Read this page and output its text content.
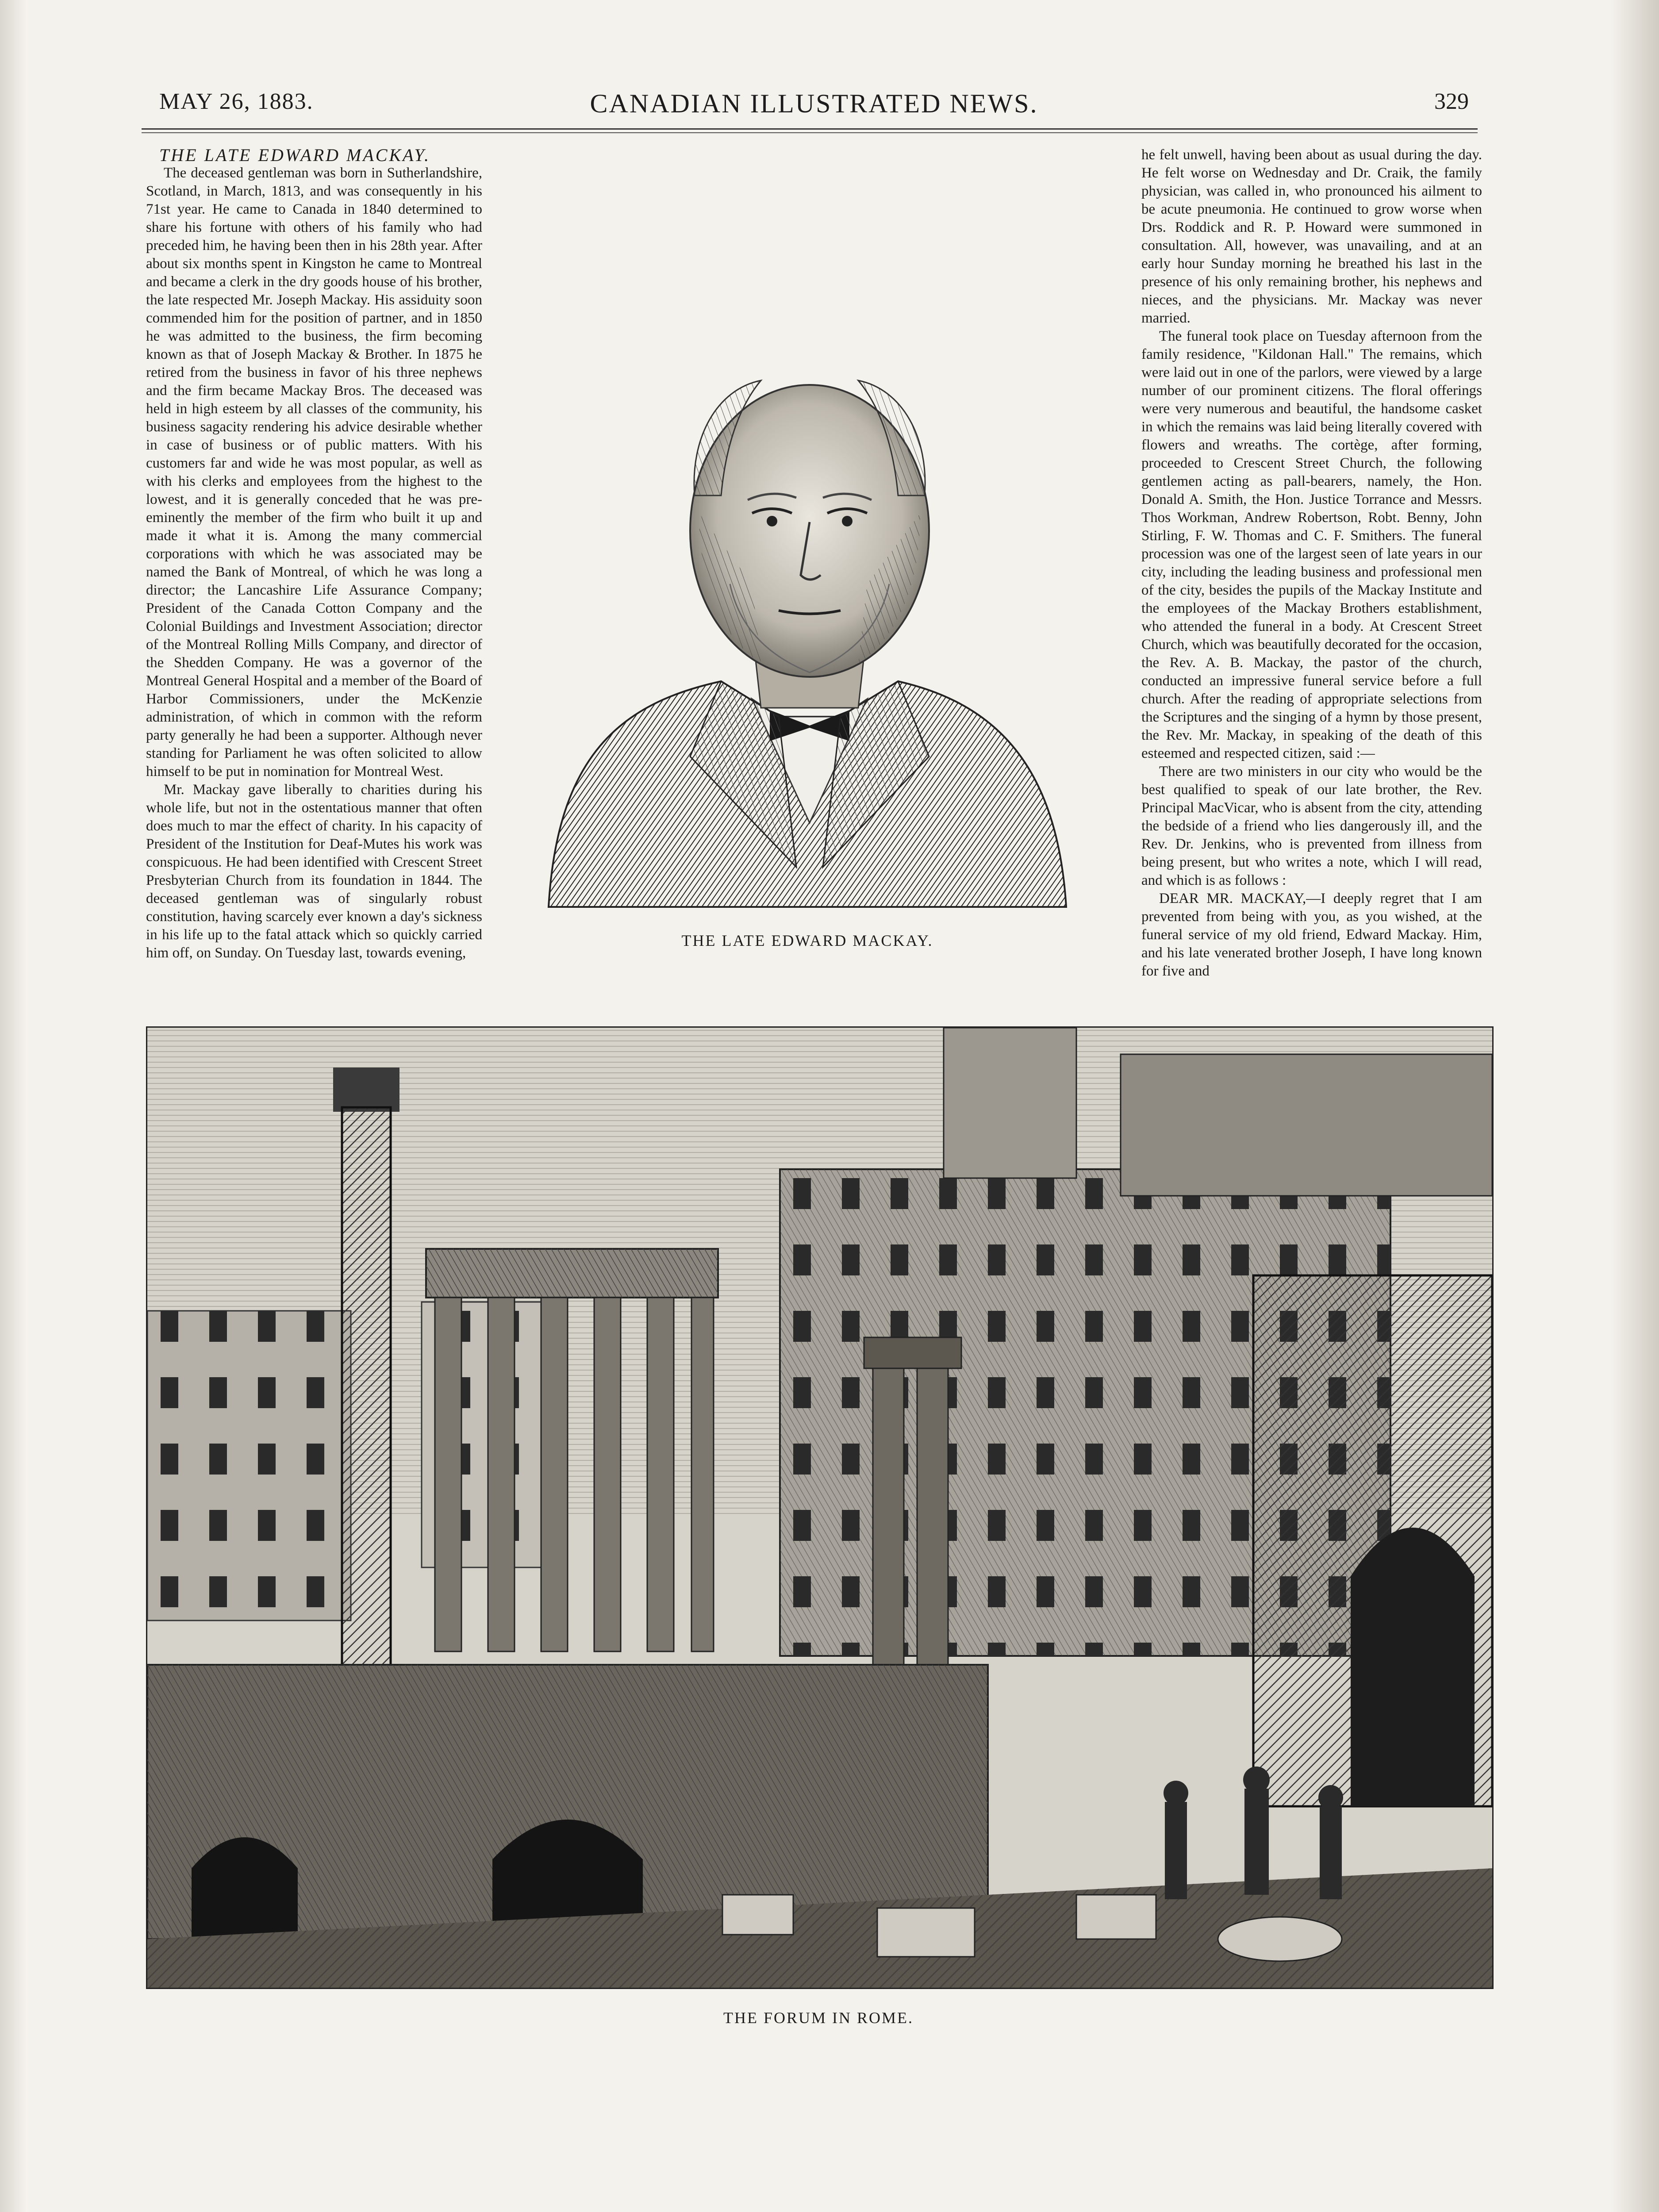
CANADIAN ILLUSTRATED NEWS.
MAY 26, 1883.	329

THE LATE EDWARD MACKAY.

The deceased gentleman was born in Sutherlandshire, Scotland, in March, 1813, and was consequently in his 71st year. He came to Canada in 1840 determined to share his fortune with others of his family who had preceded him, he having been then in his 28th year. After about six months spent in Kingston he came to Montreal and became a clerk in the dry goods house of his brother, the late respected Mr. Joseph Mackay. His assiduity soon commended him for the position of partner, and in 1850 he was admitted to the business, the firm becoming known as that of Joseph Mackay & Brother. In 1875 he retired from the business in favor of his three nephews and the firm became Mackay Bros. The deceased was held in high esteem by all classes of the community, his business sagacity rendering his advice desirable whether in case of business or of public matters. With his customers far and wide he was most popular, as well as with his clerks and employees from the highest to the lowest, and it is generally conceded that he was pre-eminently the member of the firm who built it up and made it what it is. Among the many commercial corporations with which he was associated may be named the Bank of Montreal, of which he was long a director; the Lancashire Life Assurance Company; President of the Canada Cotton Company and the Colonial Buildings and Investment Association; director of the Montreal Rolling Mills Company, and director of the Shedden Company. He was a governor of the Montreal General Hospital and a member of the Board of Harbor Commissioners, under the McKenzie administration, of which in common with the reform party generally he had been a supporter. Although never standing for Parliament he was often solicited to allow himself to be put in nomination for Montreal West.

Mr. Mackay gave liberally to charities during his whole life, but not in the ostentatious manner that often does much to mar the effect of charity. In his capacity of President of the Institution for Deaf-Mutes his work was conspicuous. He had been identified with Crescent Street Presbyterian Church from its foundation in 1844. The deceased gentleman was of singularly robust constitution, having scarcely ever known a day's sickness in his life up to the fatal attack which so quickly carried him off, on Sunday. On Tuesday last, towards evening,

he felt unwell, having been about as usual during the day. He felt worse on Wednesday and Dr. Craik, the family physician, was called in, who pronounced his ailment to be acute pneumonia. He continued to grow worse when Drs. Roddick and R. P. Howard were summoned in consultation. All, however, was unavailing, and at an early hour Sunday morning he breathed his last in the presence of his only remaining brother, his nephews and nieces, and the physicians. Mr. Mackay was never married.

The funeral took place on Tuesday afternoon from the family residence, "Kildonan Hall." The remains, which were laid out in one of the parlors, were viewed by a large number of our prominent citizens. The floral offerings were very numerous and beautiful, the handsome casket in which the remains was laid being literally covered with flowers and wreaths. The cortège, after forming, proceeded to Crescent Street Church, the following gentlemen acting as pall-bearers, namely, the Hon. Donald A. Smith, the Hon. Justice Torrance and Messrs. Thos Workman, Andrew Robertson, Robt. Benny, John Stirling, F. W. Thomas and C. F. Smithers. The funeral procession was one of the largest seen of late years in our city, including the leading business and professional men of the city, besides the pupils of the Mackay Institute and the employees of the Mackay Brothers establishment, who attended the funeral in a body. At Crescent Street Church, which was beautifully decorated for the occasion, the Rev. A. B. Mackay, the pastor of the church, conducted an impressive funeral service before a full church. After the reading of appropriate selections from the Scriptures and the singing of a hymn by those present, the Rev. Mr. Mackay, in speaking of the death of this esteemed and respected citizen, said :—

There are two ministers in our city who would be the best qualified to speak of our late brother, the Rev. Principal MacVicar, who is absent from the city, attending the bedside of a friend who lies dangerously ill, and the Rev. Dr. Jenkins, who is prevented from illness from being present, but who writes a note, which I will read, and which is as follows :

DEAR MR. MACKAY,—I deeply regret that I am prevented from being with you, as you wished, at the funeral service of my old friend, Edward Mackay. Him, and his late venerated brother Joseph, I have long known for five and

THE LATE EDWARD MACKAY.
THE FORUM IN ROME.
